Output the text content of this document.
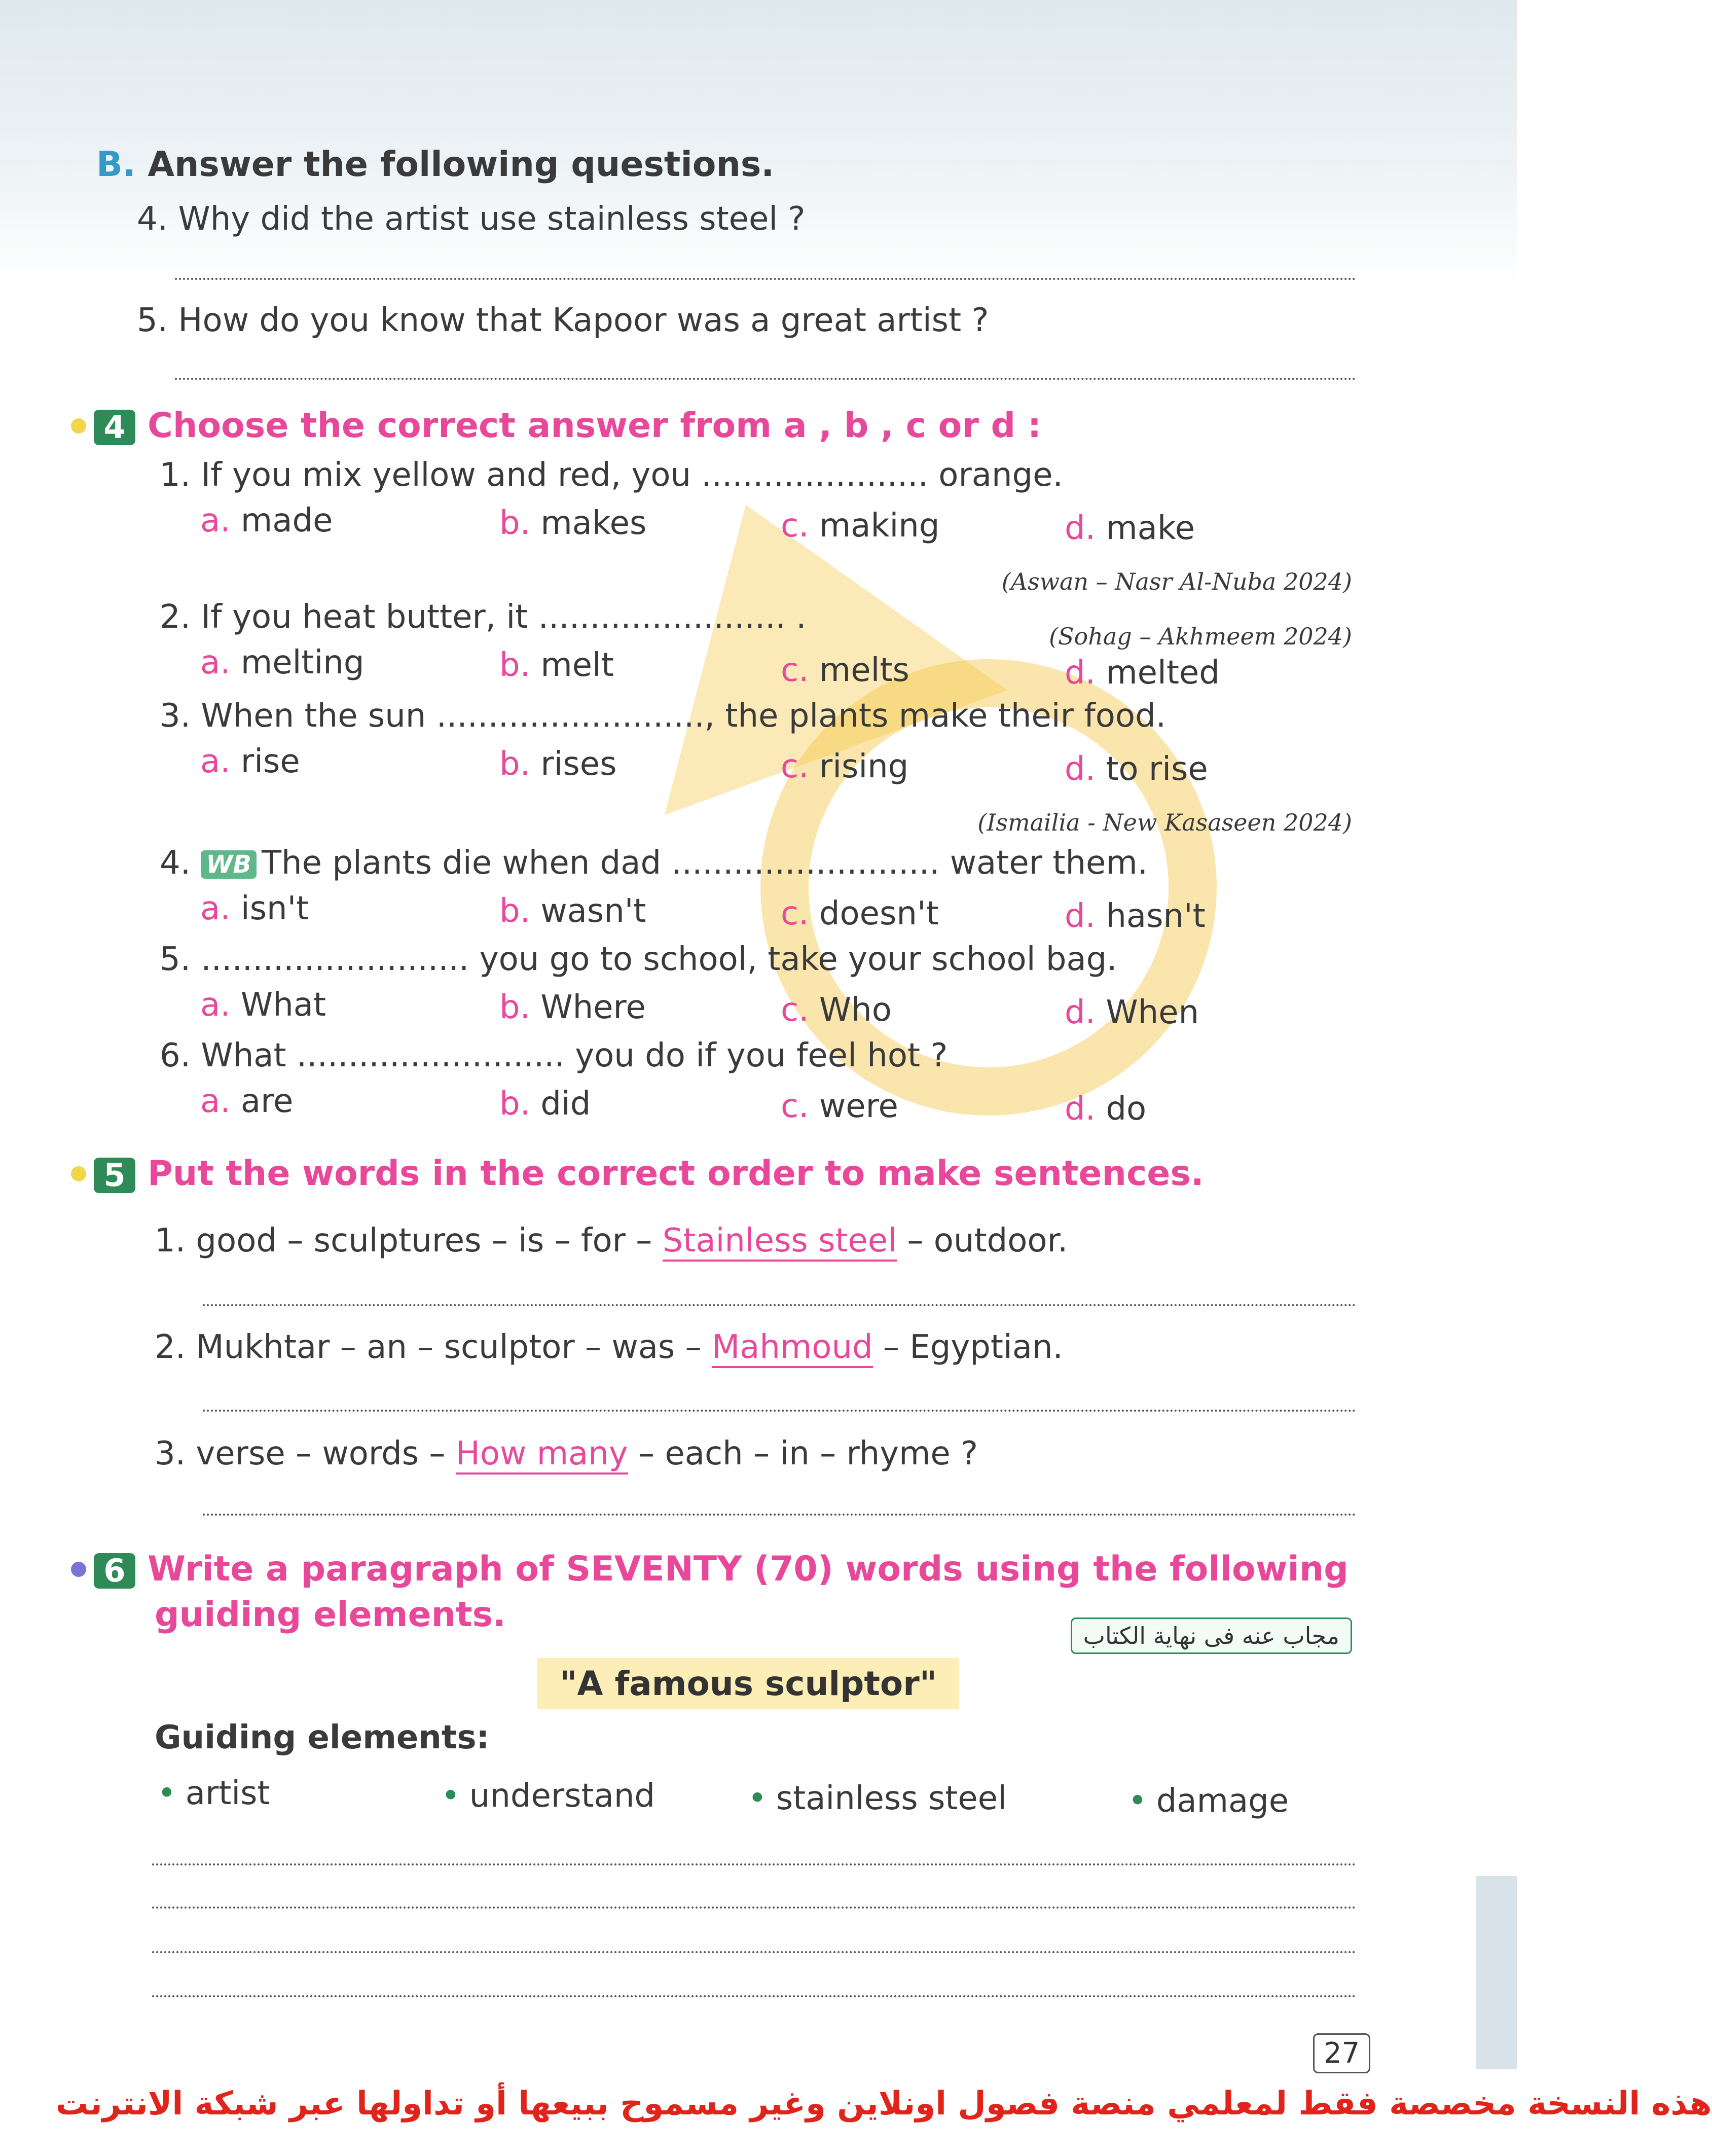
B. Answer the following questions.
4. Why did the artist use stainless steel ?
5. How do you know that Kapoor was a great artist ?
4 Choose the correct answer from a , b , c or d :
1. If you mix yellow and red, you ...................... orange.
a. made	b. makes	c. making	d. make
(Aswan – Nasr Al-Nuba 2024)
2. If you heat butter, it ........................ .
(Sohag – Akhmeem 2024)
a. melting	b. melt	c. melts	d. melted
3. When the sun .........................., the plants make their food.
a. rise	b. rises	c. rising	d. to rise
(Ismailia - New Kasaseen 2024)
4. WB The plants die when dad .......................... water them.
a. isn't	b. wasn't	c. doesn't	d. hasn't
5. .......................... you go to school, take your school bag.
a. What	b. Where	c. Who	d. When
6. What .......................... you do if you feel hot ?
a. are	b. did	c. were	d. do
5 Put the words in the correct order to make sentences.
1. good – sculptures – is – for – Stainless steel – outdoor.
2. Mukhtar – an – sculptor – was – Mahmoud – Egyptian.
3. verse – words – How many – each – in – rhyme ?
6 Write a paragraph of SEVENTY (70) words using the following
guiding elements.
مجاب عنه فى نهاية الكتاب
"A famous sculptor"
Guiding elements:
• artist	• understand	• stainless steel	• damage
27
هذه النسخة مخصصة فقط لمعلمي منصة فصول اونلاين وغير مسموح ببيعها أو تداولها عبر شبكة الانترنت
